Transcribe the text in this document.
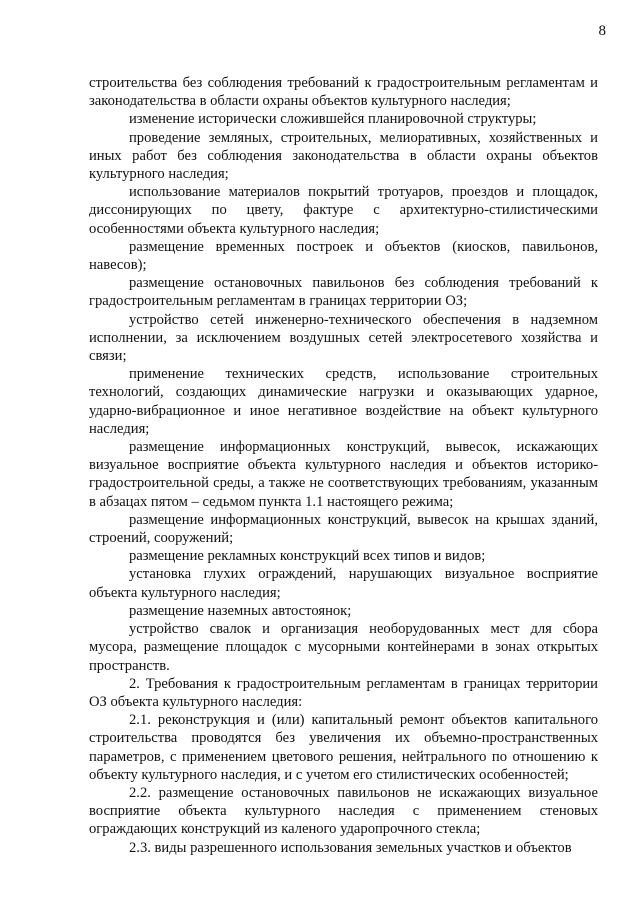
8

строительства без соблюдения требований к градостроительным регламентам и законодательства в области охраны объектов культурного наследия;

изменение исторически сложившейся планировочной структуры;

проведение земляных, строительных, мелиоративных, хозяйственных и иных работ без соблюдения законодательства в области охраны объектов культурного наследия;

использование материалов покрытий тротуаров, проездов и площадок, диссонирующих по цвету, фактуре с архитектурно-стилистическими особенностями объекта культурного наследия;

размещение временных построек и объектов (киосков, павильонов, навесов);

размещение остановочных павильонов без соблюдения требований к градостроительным регламентам в границах территории ОЗ;

устройство сетей инженерно-технического обеспечения в надземном исполнении, за исключением воздушных сетей электросетевого хозяйства и связи;

применение технических средств, использование строительных технологий, создающих динамические нагрузки и оказывающих ударное, ударно-вибрационное и иное негативное воздействие на объект культурного наследия;

размещение информационных конструкций, вывесок, искажающих визуальное восприятие объекта культурного наследия и объектов историко-градостроительной среды, а также не соответствующих требованиям, указанным в абзацах пятом – седьмом пункта 1.1 настоящего режима;

размещение информационных конструкций, вывесок на крышах зданий, строений, сооружений;

размещение рекламных конструкций всех типов и видов;

установка глухих ограждений, нарушающих визуальное восприятие объекта культурного наследия;

размещение наземных автостоянок;

устройство свалок и организация необорудованных мест для сбора мусора, размещение площадок с мусорными контейнерами в зонах открытых пространств.

2. Требования к градостроительным регламентам в границах территории ОЗ объекта культурного наследия:

2.1. реконструкция и (или) капитальный ремонт объектов капитального строительства проводятся без увеличения их объемно-пространственных параметров, с применением цветового решения, нейтрального по отношению к объекту культурного наследия, и с учетом его стилистических особенностей;

2.2. размещение остановочных павильонов не искажающих визуальное восприятие объекта культурного наследия с применением стеновых ограждающих конструкций из каленого ударопрочного стекла;

2.3. виды разрешенного использования земельных участков и объектов
